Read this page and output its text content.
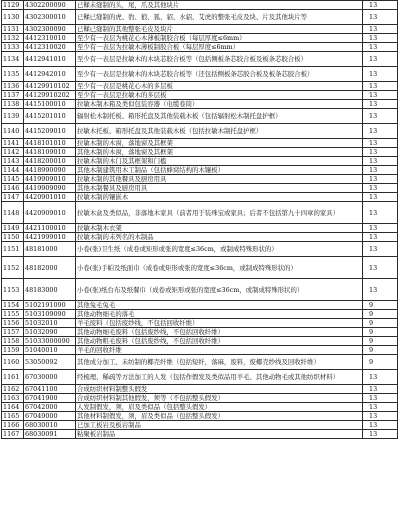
1129	4302200090	已鞣未缝制的头，尾，爪及其他块片	13
1130	4302300010	已鞣已缝制的虎、豹、狼、狐、貂、水貂、艾虎的整张毛皮及块、片及其他块片等	13
1131	4302300090	已鞣已缝制的其他整张毛皮及块片	13
1132	4412310010	至少有一表层为桃花心木薄板制胶合板（每层厚度≤6mm）	13
1133	4412310020	至少有一表层为拉敏木薄板制胶合板（每层厚度≤6mm）	13
1134	4412941010	至少有一表层是拉敏木的木块芯胶合板等（包括侧板条芯胶合板及板条芯胶合板）	13
1135	4412942010	至少有一表层是拉敏木的木块芯胶合板等（还包括侧板条芯胶合板及板条芯胶合板）	13
1136	44129910102	至少有一表层是桃花心木的多层板	13
1137	44129910202	至少有一表层是拉敏木的多层板	13
1138	4415100010	拉敏木制木箱及类似包装容器（电缆卷筒）	13
1139	4415201010	辐射松木制托板、箱形托盘及其他装载木板（包括辐射松木制托盘护框）	13
1140	4415209010	拉敏木托板、箱形托盘及其他装载木板（包括拉敏木制托盘护框）	13
1141	4418101010	拉敏木制的木窗，落地窗及其框架	13
1142	4418109010	其他木制的木窗，落地窗及其框架	13
1143	4418200010	拉敏木制的木门及其框架和门槛	13
1144	4418990090	其他木制建筑用木工制品（包括蜂窝结构的木镶板）	13
1145	4419909010	拉敏木制的其他餐具及厨房用具	13
1146	4419909090	其他木制餐具及厨房用具	13
1147	4420901010	拉敏木制的镶嵌木	13
1148	4420909010	拉敏木盒及类似品，非落地木家具（前者用于装珠宝或家具；后者不包括第九十四章的家具）	13
1149	4421100010	拉敏木制木衣架	13
1150	4421999010	拉敏木制的未列名的木制品	13
1151	48181000	小卷(张)卫生纸（成卷或矩形或张的宽度≤36cm，或制成特殊形状的）	13
1152	48182000	小卷(张)手帕及纸面巾（成卷或矩形或张的宽度≤36cm，或制成特殊形状的）	13
1153	48183000	小卷(张)纸台布及纸餐巾（成卷或矩形或张的宽度≤36cm，或制成特殊形状的）	13
1154	5102191090	其他兔毛兔毛	9
1155	5103109090	其他动物细毛的落毛	9
1156	51032010	羊毛废料（包括废纱线，不包括回收纤维）	9
1157	51032090	其他动物细毛废料（包括废纱线，不包括回收纤维）	9
1158	51033000090	其他动物粗毛废料（包括废纱线，不包括回收纤维）	9
1159	51040010	羊毛的回收纤维	9
1160	53050092	其他成分加工、未纺制的椰壳纤维（包括短纤，落麻，废料，废椰壳纱线及回收纤维）	9
1161	67030000	经梳理、稀疏等方法加工的人发（包括作假发及类似品用羊毛、其他动物毛或其他纺织材料）	13
1162	67041100	合成纺织材料制整头假发	13
1163	67041900	合成纺织材料制其他假发，须等（不包括整头假发）	13
1164	67042000	人发制假发，须，眉及类似品（包括整头假发）	13
1165	67049000	其他材料制假发，须，眉及类似品（包括整头假发）	13
1166	68030010	已加工板岩及板岩制品	13
1167	68030091	粘聚板岩制品	13
